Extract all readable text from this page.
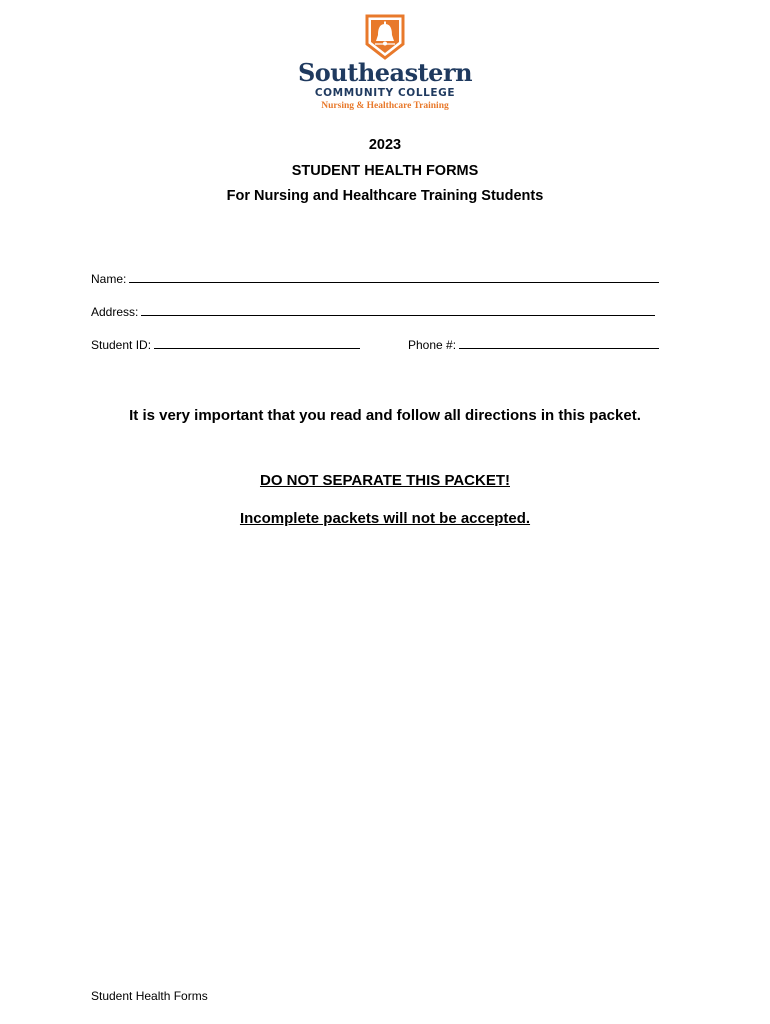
Southeastern
COMMUNITY COLLEGE
Nursing & Healthcare Training
2023
STUDENT HEALTH FORMS
For Nursing and Healthcare Training Students
Name:
Address:
Student ID:	Phone #:
It is very important that you read and follow all directions in this packet.
DO NOT SEPARATE THIS PACKET!
Incomplete packets will not be accepted.
Student Health Forms
